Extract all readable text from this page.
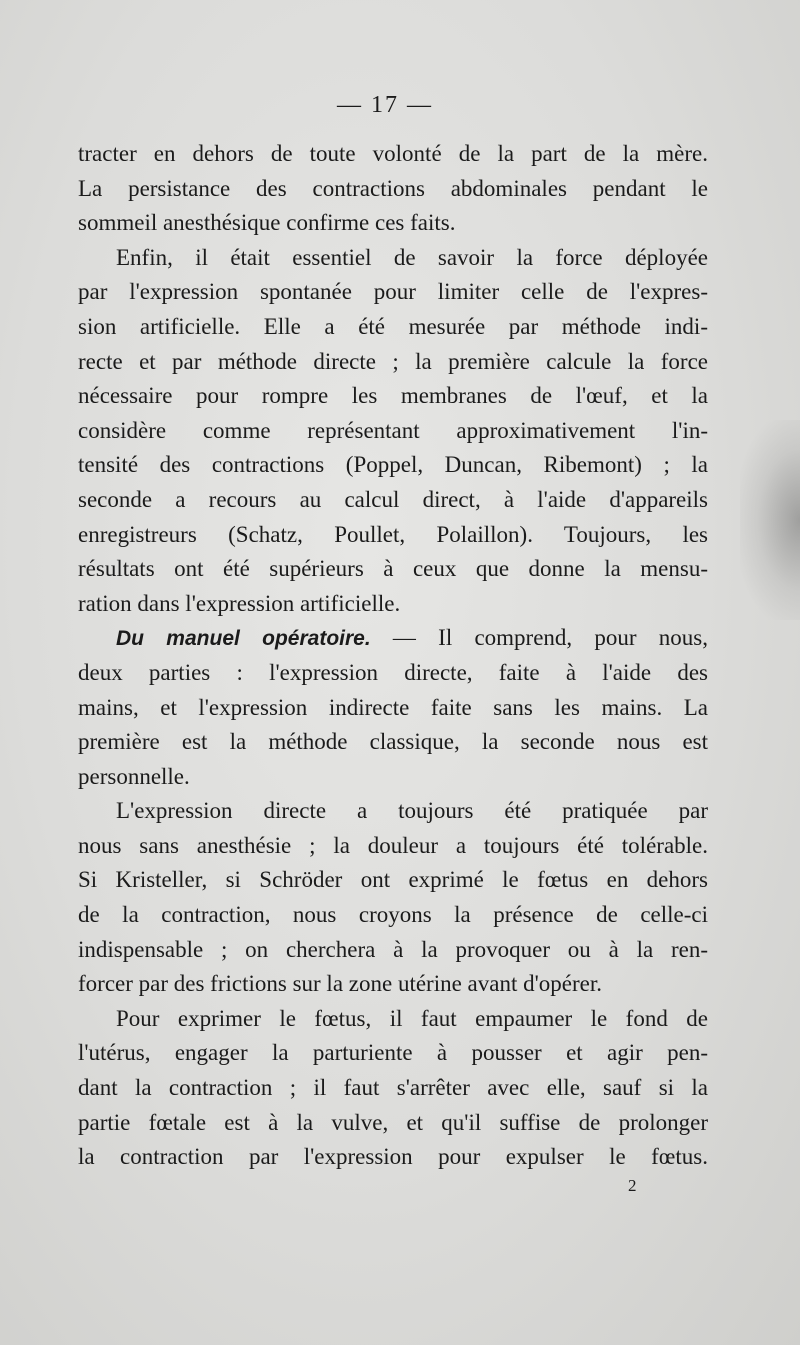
— 17 —

tracter en dehors de toute volonté de la part de la mère.
La persistance des contractions abdominales pendant le
sommeil anesthésique confirme ces faits.

Enfin, il était essentiel de savoir la force déployée
par l'expression spontanée pour limiter celle de l'expres-
sion artificielle. Elle a été mesurée par méthode indi-
recte et par méthode directe ; la première calcule la force
nécessaire pour rompre les membranes de l'œuf, et la
considère comme représentant approximativement l'in-
tensité des contractions (Poppel, Duncan, Ribemont) ; la
seconde a recours au calcul direct, à l'aide d'appareils
enregistreurs (Schatz, Poullet, Polaillon). Toujours, les
résultats ont été supérieurs à ceux que donne la mensu-
ration dans l'expression artificielle.

Du manuel opératoire. — Il comprend, pour nous,
deux parties : l'expression directe, faite à l'aide des
mains, et l'expression indirecte faite sans les mains. La
première est la méthode classique, la seconde nous est
personnelle.

L'expression directe a toujours été pratiquée par
nous sans anesthésie ; la douleur a toujours été tolérable.
Si Kristeller, si Schröder ont exprimé le fœtus en dehors
de la contraction, nous croyons la présence de celle-ci
indispensable ; on cherchera à la provoquer ou à la ren-
forcer par des frictions sur la zone utérine avant d'opérer.

Pour exprimer le fœtus, il faut empaumer le fond de
l'utérus, engager la parturiente à pousser et agir pen-
dant la contraction ; il faut s'arrêter avec elle, sauf si la
partie fœtale est à la vulve, et qu'il suffise de prolonger
la contraction par l'expression pour expulser le fœtus.

2
